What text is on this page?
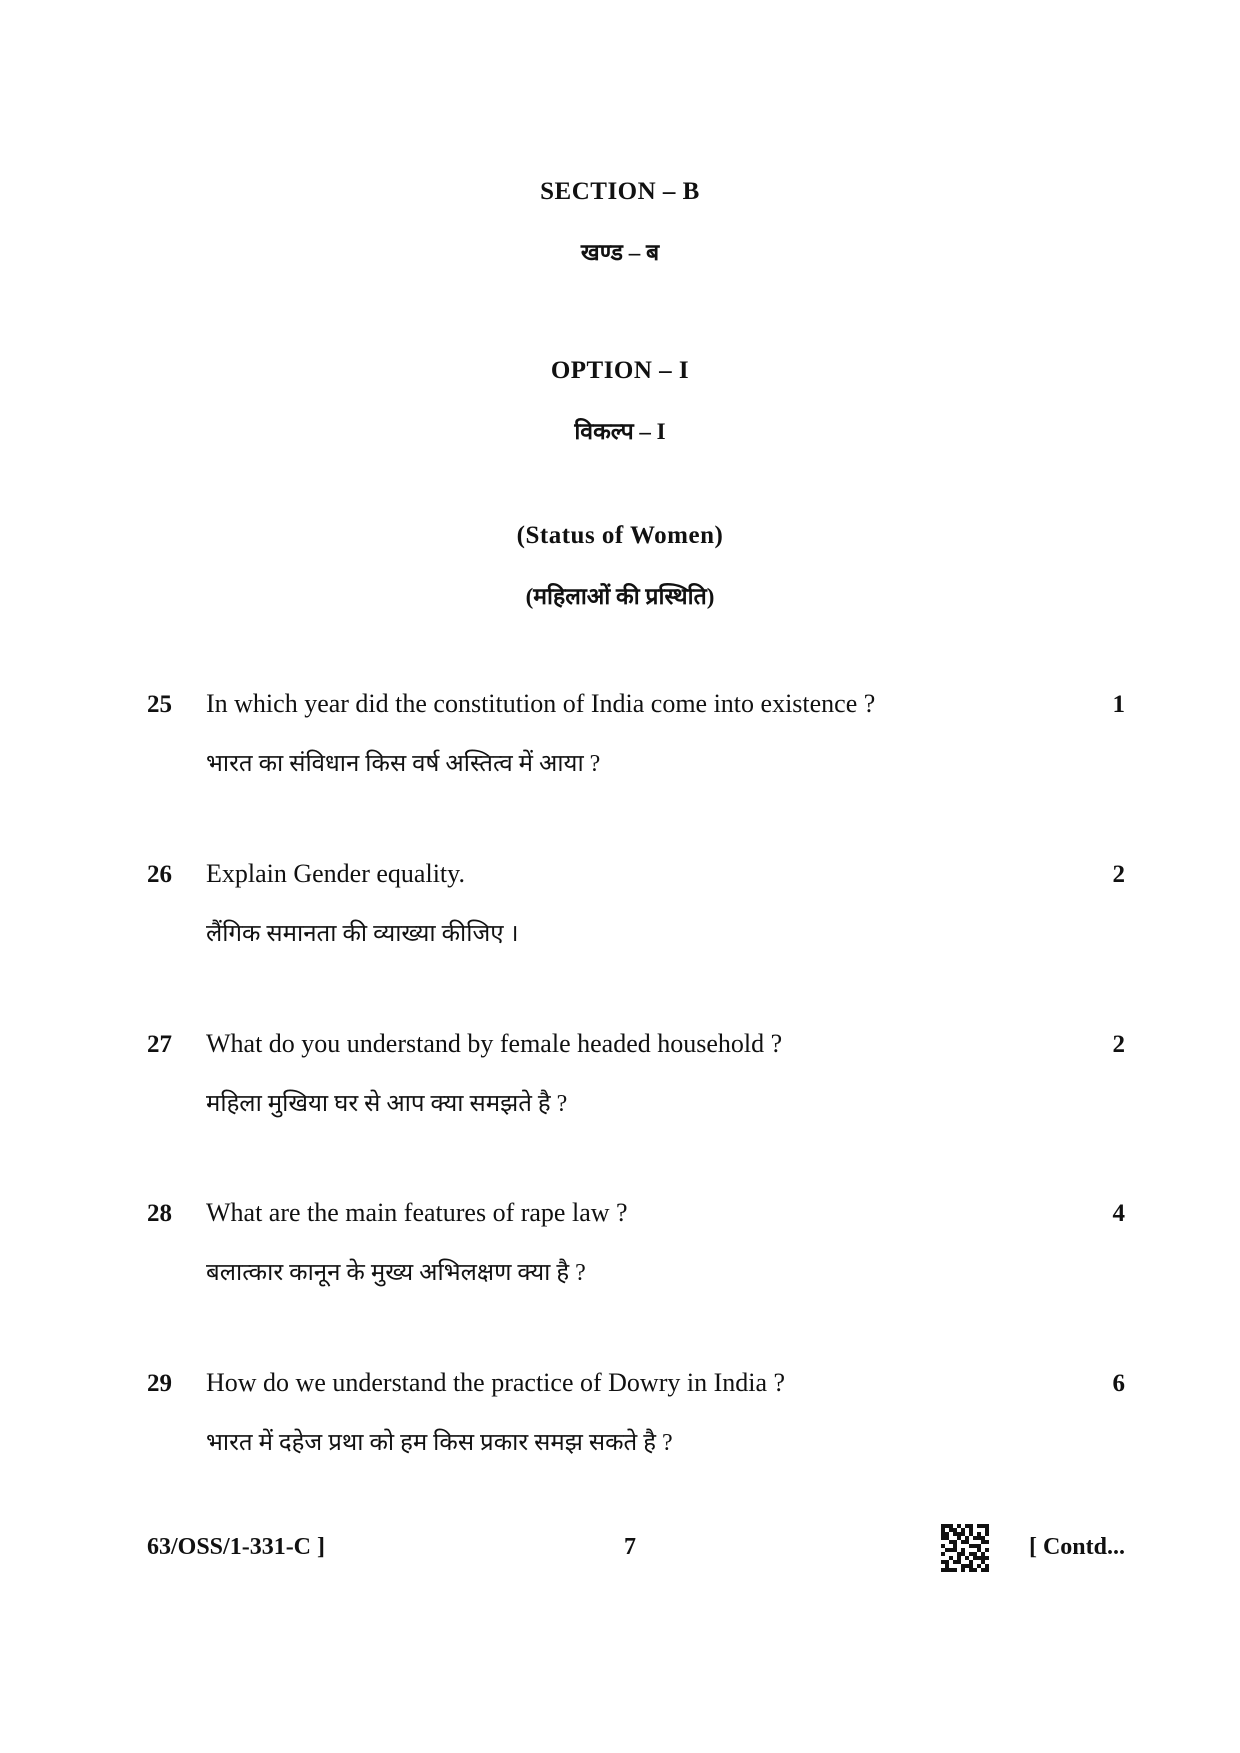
SECTION – B
खण्ड – ब
OPTION – I
विकल्प – I
(Status of Women)
(महिलाओं की प्रस्थिति)
25 In which year did the constitution of India come into existence ?	1
भारत का संविधान किस वर्ष अस्तित्व में आया ?
26 Explain Gender equality.	2
लैंगिक समानता की व्याख्या कीजिए ।
27 What do you understand by female headed household ?	2
महिला मुखिया घर से आप क्या समझते है ?
28 What are the main features of rape law ?	4
बलात्कार कानून के मुख्य अभिलक्षण क्या है ?
29 How do we understand the practice of Dowry in India ?	6
भारत में दहेज प्रथा को हम किस प्रकार समझ सकते है ?
63/OSS/1-331-C ]	7	[ Contd...
